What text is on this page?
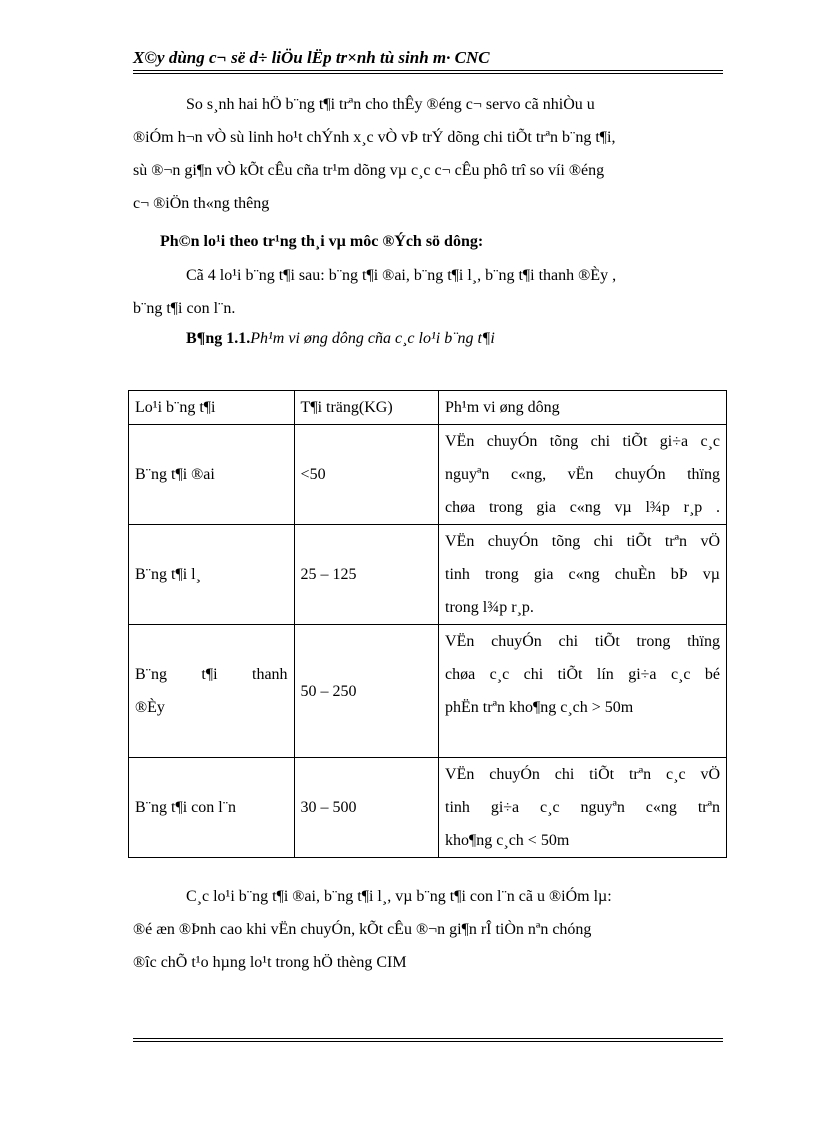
X©y dùng c¬ së d÷ liÖu lËp tr×nh tù sinh m· CNC
So s¸nh hai hÖ b¨ng t¶i trªn cho thÊy ®éng c¬ servo cã nhiÒu u
®iÓm h¬n vÒ sù linh ho¹t chÝnh x¸c vÒ vÞ trÝ dõng chi tiÕt trªn b¨ng t¶i,
sù ®¬n gi¶n vÒ kÕt cÊu cña tr¹m dõng vµ c¸c c¬ cÊu phô trî so víi ®éng
c¬ ®iÖn th«ng thêng
Ph©n lo¹i theo tr¹ng th¸i vµ môc ®Ých sö dông:
Cã 4 lo¹i b¨ng t¶i sau: b¨ng t¶i ®ai, b¨ng t¶i l¸, b¨ng t¶i thanh ®Èy ,
b¨ng t¶i con l¨n.
B¶ng 1.1.Ph¹m vi øng dông cña c¸c lo¹i b¨ng t¶i
Lo¹i b¨ng t¶i	T¶i träng(KG)	Ph¹m vi øng dông

B¨ng t¶i ®ai	<50	VËn chuyÓn tõng chi tiÕt gi÷a c¸c
nguyªn c«ng, vËn chuyÓn thïng
chøa trong gia c«ng vµ l¾p r¸p .

B¨ng t¶i l¸	25 – 125	VËn chuyÓn tõng chi tiÕt trªn vÖ
tinh trong gia c«ng chuÈn bÞ vµ
trong l¾p r¸p.

B¨ng t¶i thanh
®Èy	50 – 250	VËn chuyÓn chi tiÕt trong thïng
chøa c¸c chi tiÕt lín gi÷a c¸c bé
phËn trªn kho¶ng c¸ch > 50m

B¨ng t¶i con l¨n	30 – 500	VËn chuyÓn chi tiÕt trªn c¸c vÖ
tinh gi÷a c¸c nguyªn c«ng trªn
kho¶ng c¸ch < 50m
C¸c lo¹i b¨ng t¶i ®ai, b¨ng t¶i l¸, vµ b¨ng t¶i con l¨n cã u ®iÓm lµ:
®é æn ®Þnh cao khi vËn chuyÓn, kÕt cÊu ®¬n gi¶n rÎ tiÒn nªn chóng
®îc chÕ t¹o hµng lo¹t trong hÖ thèng CIM
